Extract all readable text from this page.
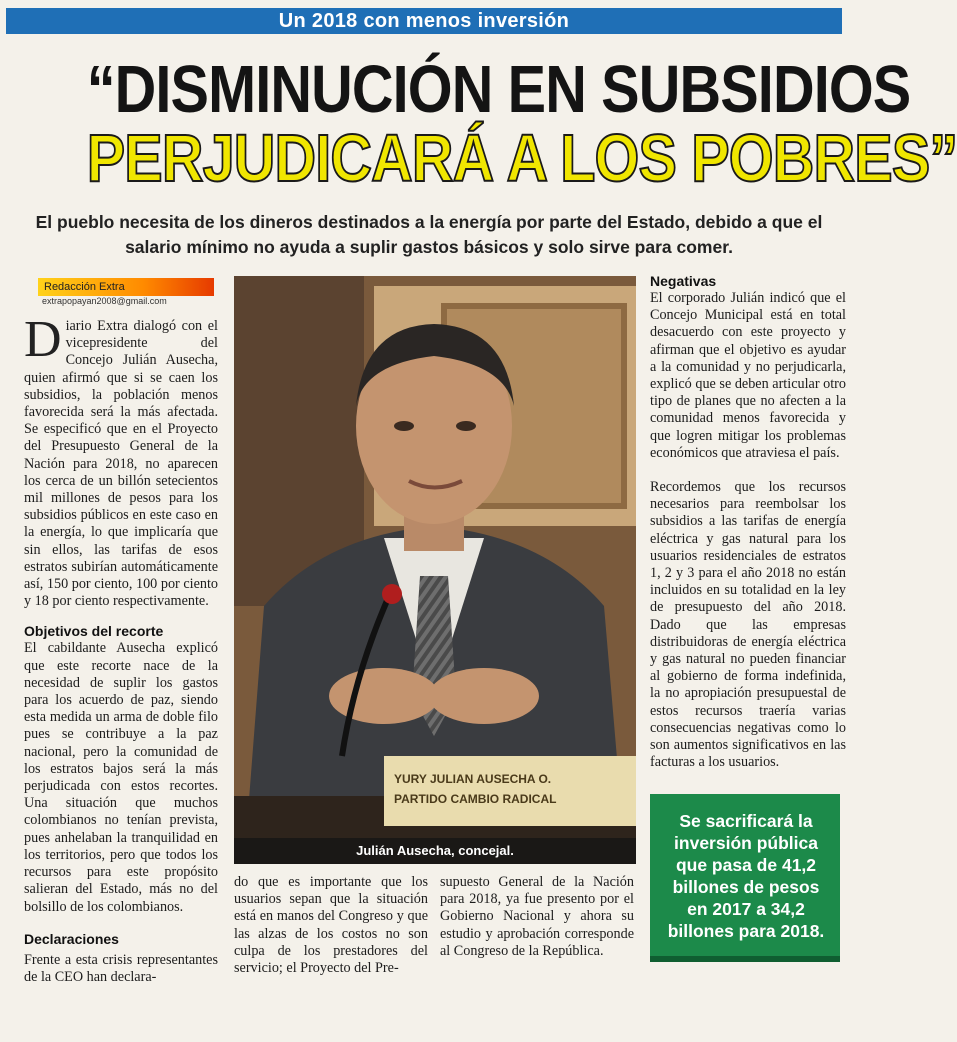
Un 2018 con menos inversión
“DISMINUCIÓN EN SUBSIDIOS
PERJUDICARÁ A LOS POBRES”
El pueblo necesita de los dineros destinados a la energía por parte del Estado, debido a que el salario mínimo no ayuda a suplir gastos básicos y solo sirve para comer.
Redacción Extra
extrapopayan2008@gmail.com

Diario Extra dialogó con el vicepresidente del Concejo Julián Ausecha, quien afirmó que si se caen los subsidios, la población menos favorecida será la más afectada. Se especificó que en el Proyecto del Presupuesto General de la Nación para 2018, no aparecen los cerca de un billón setecientos mil millones de pesos para los subsidios públicos en este caso en la energía, lo que implicaría que sin ellos, las tarifas de esos estratos subirían automáticamente así, 150 por ciento, 100 por ciento y 18 por ciento respectivamente.

Objetivos del recorte

El cabildante Ausecha explicó que este recorte nace de la necesidad de suplir los gastos para los acuerdo de paz, siendo esta medida un arma de doble filo pues se contribuye a la paz nacional, pero la comunidad de los estratos bajos será la más perjudicada con estos recortes. Una situación que muchos colombianos no tenían prevista, pues anhelaban la tranquilidad en los territorios, pero que todos los recursos para este propósito salieran del Estado, más no del bolsillo de los colombianos.

Declaraciones

Frente a esta crisis representantes de la CEO han declara-

YURY JULIAN AUSECHA O.
PARTIDO CAMBIO RADICAL
Julián Ausecha, concejal.
do que es importante que los usuarios sepan que la situación está en manos del Congreso y que las alzas de los costos no son culpa de los prestadores del servicio; el Proyecto del Pre-
supuesto General de la Nación para 2018, ya fue presento por el Gobierno Nacional y ahora su estudio y aprobación corresponde al Congreso de la República.
Negativas

El corporado Julián indicó que el Concejo Municipal está en total desacuerdo con este proyecto y afirman que el objetivo es ayudar a la comunidad y no perjudicarla, explicó que se deben articular otro tipo de planes que no afecten a la comunidad menos favorecida y que logren mitigar los problemas económicos que atraviesa el país.

Recordemos que los recursos necesarios para reembolsar los subsidios a las tarifas de energía eléctrica y gas natural para los usuarios residenciales de estratos 1, 2 y 3 para el año 2018 no están incluidos en su totalidad en la ley de presupuesto del año 2018. Dado que las empresas distribuidoras de energía eléctrica y gas natural no pueden financiar al gobierno de forma indefinida, la no apropiación presupuestal de estos recursos traería varias consecuencias negativas como lo son aumentos significativos en las facturas a los usuarios.

Se sacrificará la inversión pública que pasa de 41,2 billones de pesos en 2017 a 34,2 billones para 2018.
